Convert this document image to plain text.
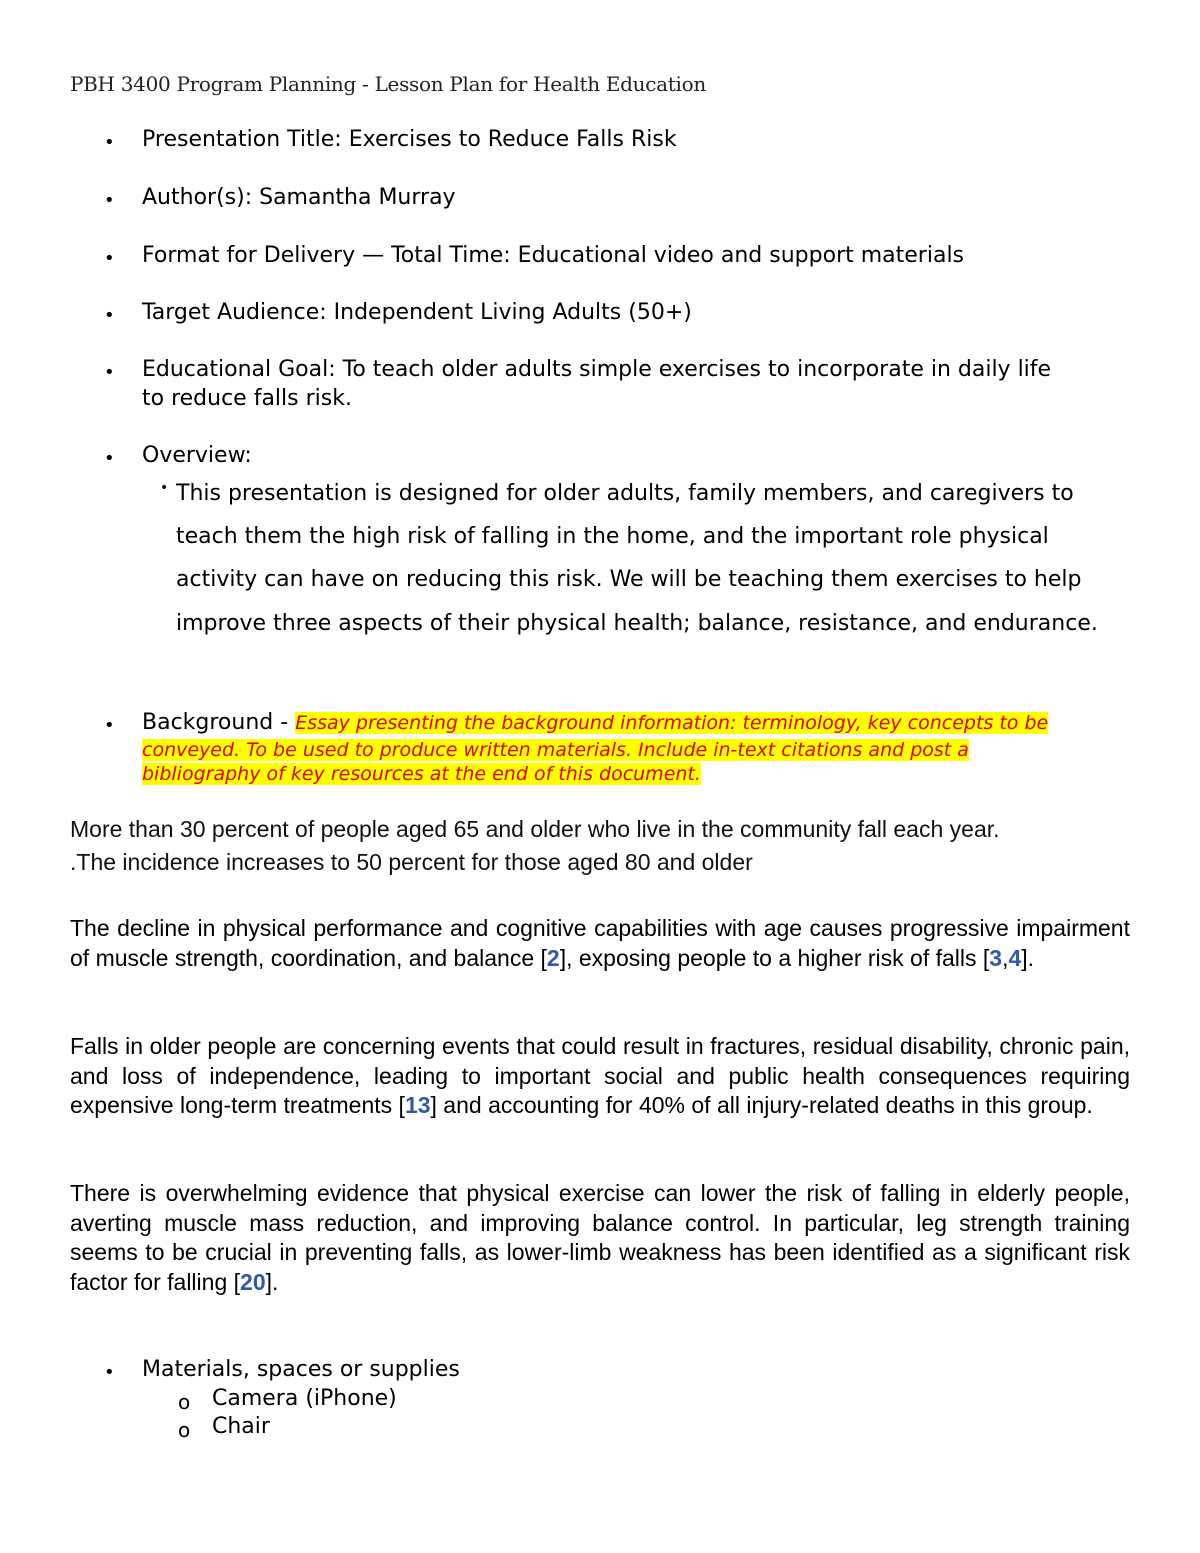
PBH 3400 Program Planning - Lesson Plan for Health Education
• Presentation Title: Exercises to Reduce Falls Risk
• Author(s): Samantha Murray
• Format for Delivery — Total Time: Educational video and support materials
• Target Audience: Independent Living Adults (50+)
• Educational Goal: To teach older adults simple exercises to incorporate in daily life
to reduce falls risk.
• Overview:
• This presentation is designed for older adults, family members, and caregivers to teach them the high risk of falling in the home, and the important role physical activity can have on reducing this risk. We will be teaching them exercises to help improve three aspects of their physical health; balance, resistance, and endurance.
• Background - Essay presenting the background information: terminology, key concepts to be
conveyed. To be used to produce written materials. Include in-text citations and post a
bibliography of key resources at the end of this document.
More than 30 percent of people aged 65 and older who live in the community fall each year.
.The incidence increases to 50 percent for those aged 80 and older
The decline in physical performance and cognitive capabilities with age causes progressive impairment of muscle strength, coordination, and balance [2], exposing people to a higher risk of falls [3,4].
Falls in older people are concerning events that could result in fractures, residual disability, chronic pain, and loss of independence, leading to important social and public health consequences requiring expensive long-term treatments [13] and accounting for 40% of all injury-related deaths in this group.
There is overwhelming evidence that physical exercise can lower the risk of falling in elderly people, averting muscle mass reduction, and improving balance control. In particular, leg strength training seems to be crucial in preventing falls, as lower-limb weakness has been identified as a significant risk factor for falling [20].
• Materials, spaces or supplies
o Camera (iPhone)
o Chair
